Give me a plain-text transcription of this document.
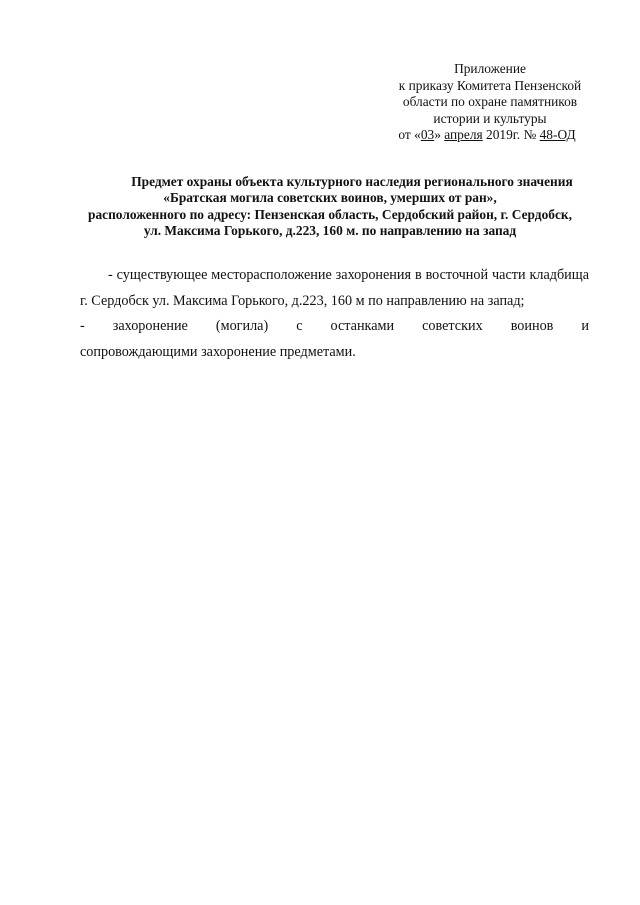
Приложение
к приказу Комитета Пензенской
области по охране памятников
истории и культуры
от «03» апреля 2019г. № 48-ОД
Предмет охраны объекта культурного наследия регионального значения
«Братская могила советских воинов, умерших от ран»,
расположенного по адресу: Пензенская область, Сердобский район, г. Сердобск,
ул. Максима Горького, д.223, 160 м. по направлению на запад

- существующее месторасположение захоронения в восточной части кладбища г. Сердобск ул. Максима Горького, д.223, 160 м по направлению на запад;

- захоронение (могила) с останками советских воинов и
сопровождающими захоронение предметами.
